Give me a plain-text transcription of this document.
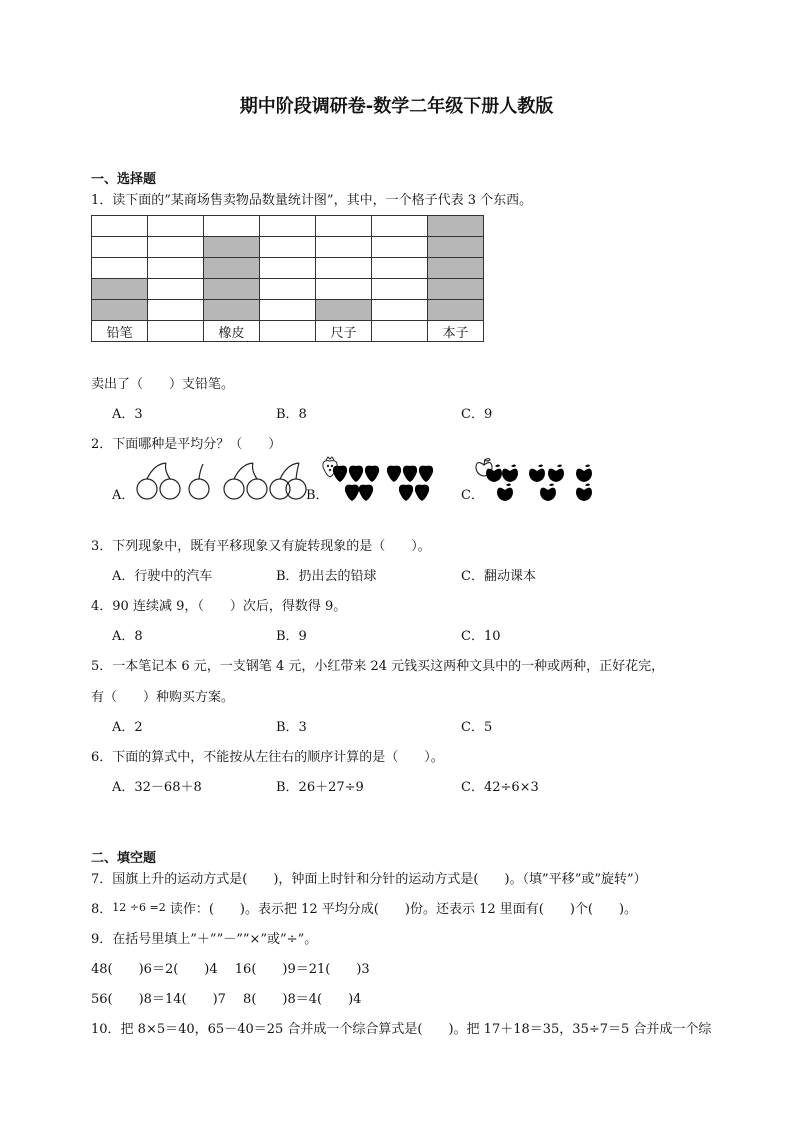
期中阶段调研卷-数学二年级下册人教版
一、选择题
1．读下面的”某商场售卖物品数量统计图”，其中，一个格子代表 3 个东西。

铅笔		橡皮		尺子		本子
卖出了（　　）支铅笔。
A．3	B．8	C．9
2．下面哪种是平均分？（　　）
A．	B．	C．
3．下列现象中，既有平移现象又有旋转现象的是（　　）。
A．行驶中的汽车	B．扔出去的铅球	C．翻动课本
4．90 连续减 9，（　　）次后，得数得 9。
A．8	B．9	C．10
5．一本笔记本 6 元，一支钢笔 4 元，小红带来 24 元钱买这两种文具中的一种或两种，正好花完，
有（　　）种购买方案。
A．2	B．3	C．5
6．下面的算式中，不能按从左往右的顺序计算的是（　　）。
A．32－68＋8	B．26＋27÷9	C．42÷6×3
二、填空题
7．国旗上升的运动方式是(　　)，钟面上时针和分针的运动方式是(　　)。（填”平移”或”旋转”）
8．12 ÷6 =2 读作：(　　)。表示把 12 平均分成(　　)份。还表示 12 里面有(　　)个(　　)。
9．在括号里填上”＋””－””×”或”÷”。
48(　　)6＝2(　　)4　 16(　　)9＝21(　　)3
56(　　)8＝14(　　)7　 8(　　)8＝4(　　)4
10．把 8×5＝40，65－40＝25 合并成一个综合算式是(　　)。把 17＋18＝35，35÷7＝5 合并成一个综
